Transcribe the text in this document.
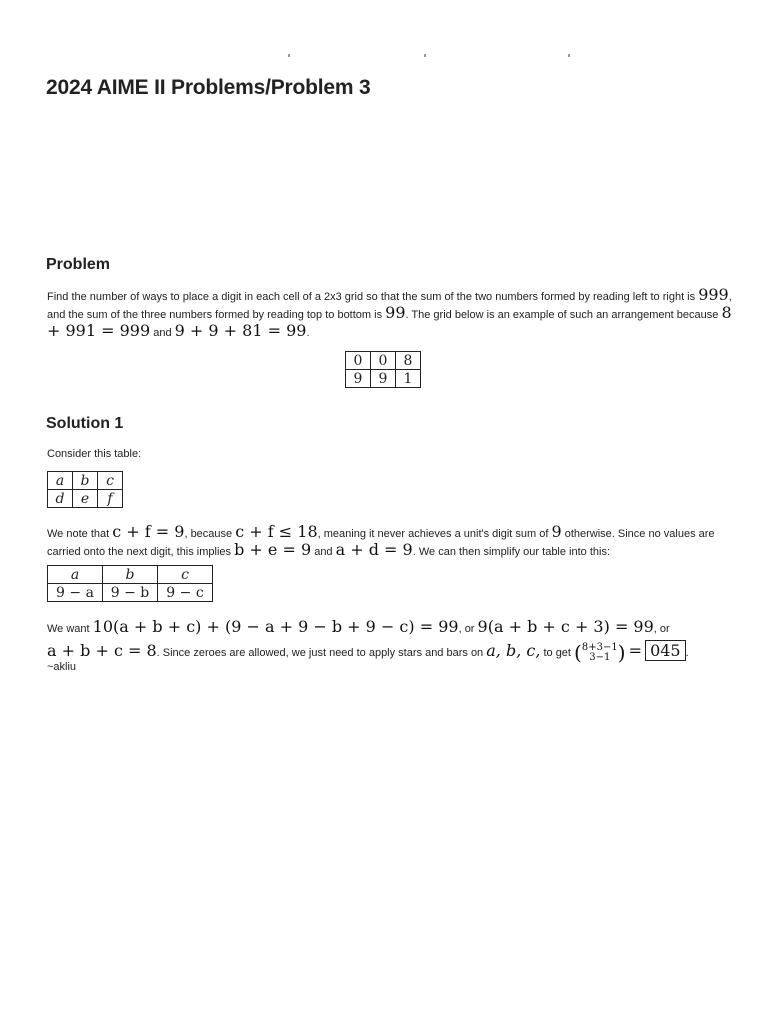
2024 AIME II Problems/Problem 3
Problem
Find the number of ways to place a digit in each cell of a 2x3 grid so that the sum of the two numbers formed by reading left to right is 999, and the sum of the three numbers formed by reading top to bottom is 99. The grid below is an example of such an arrangement because 8 + 991 = 999 and 9 + 9 + 81 = 99.
0	0	8
9	9	1
Solution 1
Consider this table:
a	b	c
d	e	f
We note that c + f = 9, because c + f ≤ 18, meaning it never achieves a unit's digit sum of 9 otherwise. Since no values are carried onto the next digit, this implies b + e = 9 and a + d = 9. We can then simplify our table into this:
a	b	c
9 − a	9 − b	9 − c
We want 10(a + b + c) + (9 − a + 9 − b + 9 − c) = 99, or 9(a + b + c + 3) = 99, or
a + b + c = 8. Since zeroes are allowed, we just need to apply stars and bars on a, b, c, to get (8+3−1
3−1 ) = 045 .
~akliu
